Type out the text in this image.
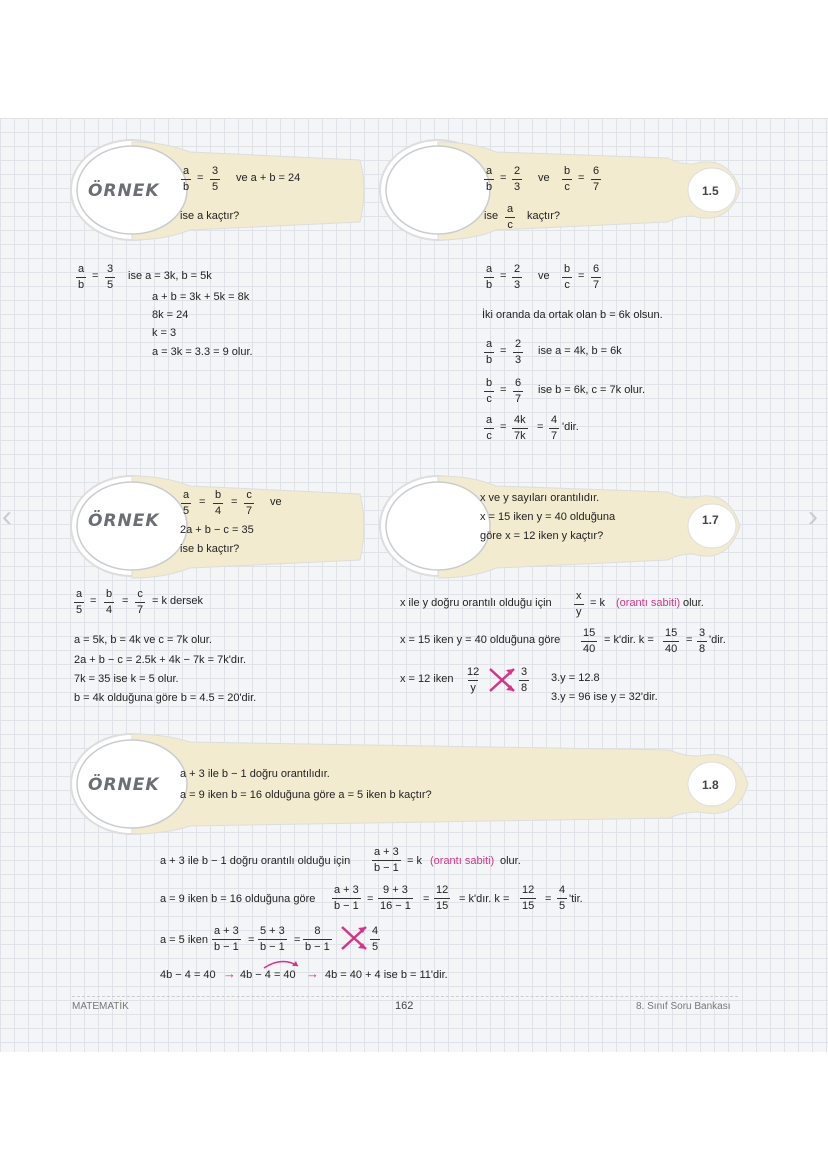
‹	›
ÖRNEK $\frac{a}{b} = \frac{3}{5}$ ve a + b = 24
ise a kaçtır?
$\frac{a}{b} = \frac{3}{5}$ ise a = 3k, b = 5k
a + b = 3k + 5k = 8k
8k = 24
k = 3
a = 3k = 3.3 = 9 olur.
1.5
$\frac{a}{b} = \frac{2}{3}$ ve $\frac{b}{c} = \frac{6}{7}$
ise $\frac{a}{c}$ kaçtır?
$\frac{a}{b} = \frac{2}{3}$ ve $\frac{b}{c} = \frac{6}{7}$
İki oranda da ortak olan b = 6k olsun.
$\frac{a}{b} = \frac{2}{3}$ ise a = 4k, b = 6k
$\frac{b}{c} = \frac{6}{7}$ ise b = 6k, c = 7k olur.
$\frac{a}{c} = \frac{4k}{7k} = \frac{4}{7}$ 'dir.
ÖRNEK
$\frac{a}{5} = \frac{b}{4} = \frac{c}{7}$ ve
2a + b − c = 35
ise b kaçtır?
$\frac{a}{5} = \frac{b}{4} = \frac{c}{7} = k$ dersek
a = 5k, b = 4k ve c = 7k olur.
2a + b − c = 2.5k + 4k − 7k = 7k'dır.
7k = 35 ise k = 5 olur.
b = 4k olduğuna göre b = 4.5 = 20'dir.
1.7
x ve y sayıları orantılıdır.
x = 15 iken y = 40 olduğuna
göre x = 12 iken y kaçtır?
x ile y doğru orantılı olduğu için $\frac{x}{y} = k$ (orantı sabiti) olur.
x = 15 iken y = 40 olduğuna göre $\frac{15}{40} = k'dir$. $k = \frac{15}{40} = \frac{3}{8}$ 'dir.
x = 12 iken $\frac{12}{y}$	$\frac{3}{8} 3.y = 12.8$
3.y = 96 ise y = 32'dir.
1.8
ÖRNEK
a + 3 ile b − 1 doğru orantılıdır.
a = 9 iken b = 16 olduğuna göre a = 5 iken b kaçtır?
a + 3 ile b − 1 doğru orantılı olduğu için $\frac{a + 3}{b - 1} = k$ (orantı sabiti) olur.
a = 9 iken b = 16 olduğuna göre $\frac{a + 3}{b - 1} = \frac{9 + 3}{16 - 1} = \frac{12}{15}$ = k'dır. $k = \frac{12}{15} = \frac{4}{5}$ 'tir.
a = 5 iken $\frac{a + 3}{b - 1} = \frac{5 + 3}{b - 1} = \frac{8}{b - 1}$	$\frac{4}{5}$
4b − 4 = 40 → 4b − 4 = 40 → 4b = 40 + 4 ise b = 11'dir.
MATEMATİK	162	8. Sınıf Soru Bankası
